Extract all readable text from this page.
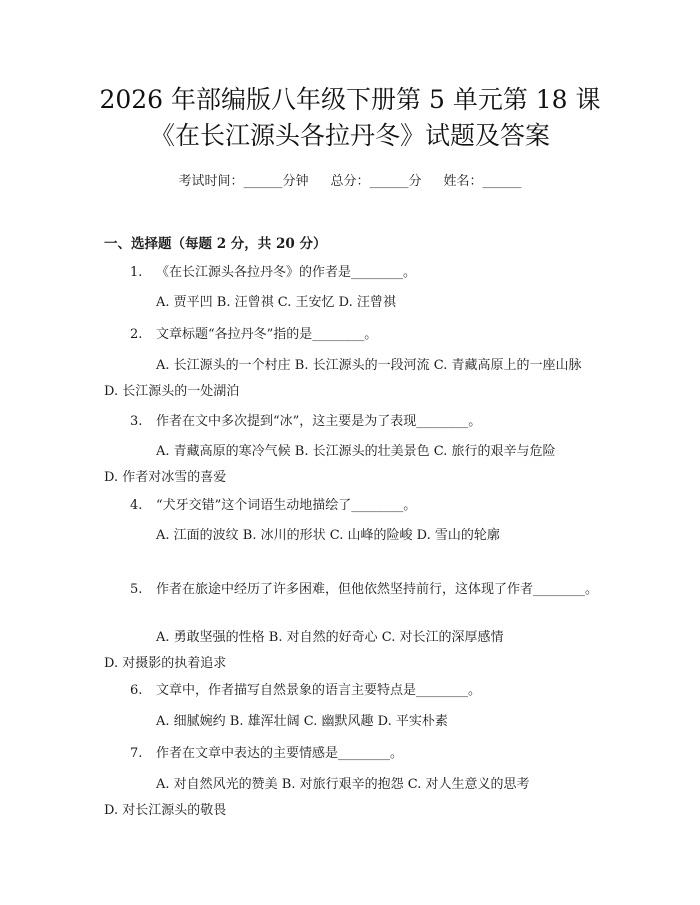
2026 年部编版八年级下册第 5 单元第 18 课
《在长江源头各拉丹冬》试题及答案
考试时间：______分钟 总分：______分 姓名：______
一、选择题（每题 2 分，共 20 分）
1. 《在长江源头各拉丹冬》的作者是________。
A. 贾平凹 B. 汪曾祺 C. 王安忆 D. 汪曾祺
2. 文章标题“各拉丹冬”指的是________。
A. 长江源头的一个村庄 B. 长江源头的一段河流 C. 青藏高原上的一座山脉 D. 长江源头的一处湖泊
3. 作者在文中多次提到“冰”，这主要是为了表现________。
A. 青藏高原的寒冷气候 B. 长江源头的壮美景色 C. 旅行的艰辛与危险 D. 作者对冰雪的喜爱
4. “犬牙交错”这个词语生动地描绘了________。
A. 江面的波纹 B. 冰川的形状 C. 山峰的险峻 D. 雪山的轮廓
5. 作者在旅途中经历了许多困难，但他依然坚持前行，这体现了作者________。
A. 勇敢坚强的性格 B. 对自然的好奇心 C. 对长江的深厚感情 D. 对摄影的执着追求
6. 文章中，作者描写自然景象的语言主要特点是________。
A. 细腻婉约 B. 雄浑壮阔 C. 幽默风趣 D. 平实朴素
7. 作者在文章中表达的主要情感是________。
A. 对自然风光的赞美 B. 对旅行艰辛的抱怨 C. 对人生意义的思考 D. 对长江源头的敬畏
